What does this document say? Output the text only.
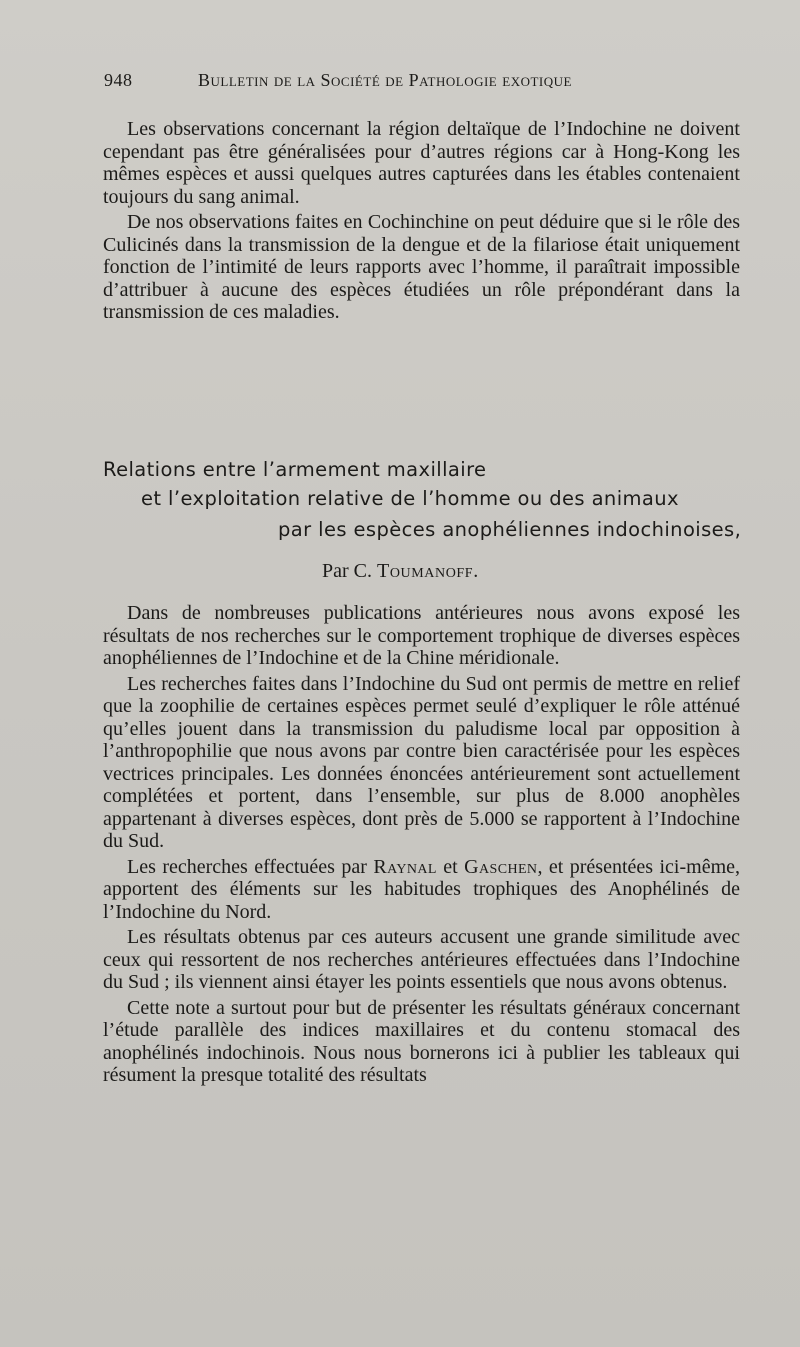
948	Bulletin de la Société de Pathologie exotique

Les observations concernant la région deltaïque de l’Indochine ne doivent cependant pas être généralisées pour d’autres régions car à Hong-Kong les mêmes espèces et aussi quelques autres capturées dans les étables contenaient toujours du sang animal.

De nos observations faites en Cochinchine on peut déduire que si le rôle des Culicinés dans la transmission de la dengue et de la filariose était uniquement fonction de l’intimité de leurs rapports avec l’homme, il paraîtrait impossible d’attribuer à aucune des espèces étudiées un rôle prépondérant dans la transmission de ces maladies.

Relations entre l’armement maxillaire
et l’exploitation relative de l’homme ou des animaux
par les espèces anophéliennes indochinoises,
Par C. Toumanoff.

Dans de nombreuses publications antérieures nous avons exposé les résultats de nos recherches sur le comportement trophique de diverses espèces anophéliennes de l’Indochine et de la Chine méridionale.

Les recherches faites dans l’Indochine du Sud ont permis de mettre en relief que la zoophilie de certaines espèces permet seulé d’expliquer le rôle atténué qu’elles jouent dans la transmission du paludisme local par opposition à l’anthropophilie que nous avons par contre bien caractérisée pour les espèces vectrices principales. Les données énoncées antérieurement sont actuellement complétées et portent, dans l’ensemble, sur plus de 8.000 anophèles appartenant à diverses espèces, dont près de 5.000 se rapportent à l’Indochine du Sud.

Les recherches effectuées par Raynal et Gaschen, et présentées ici-même, apportent des éléments sur les habitudes trophiques des Anophélinés de l’Indochine du Nord.

Les résultats obtenus par ces auteurs accusent une grande similitude avec ceux qui ressortent de nos recherches antérieures effectuées dans l’Indochine du Sud ; ils viennent ainsi étayer les points essentiels que nous avons obtenus.

Cette note a surtout pour but de présenter les résultats généraux concernant l’étude parallèle des indices maxillaires et du contenu stomacal des anophélinés indochinois. Nous nous bornerons ici à publier les tableaux qui résument la presque totalité des résultats
